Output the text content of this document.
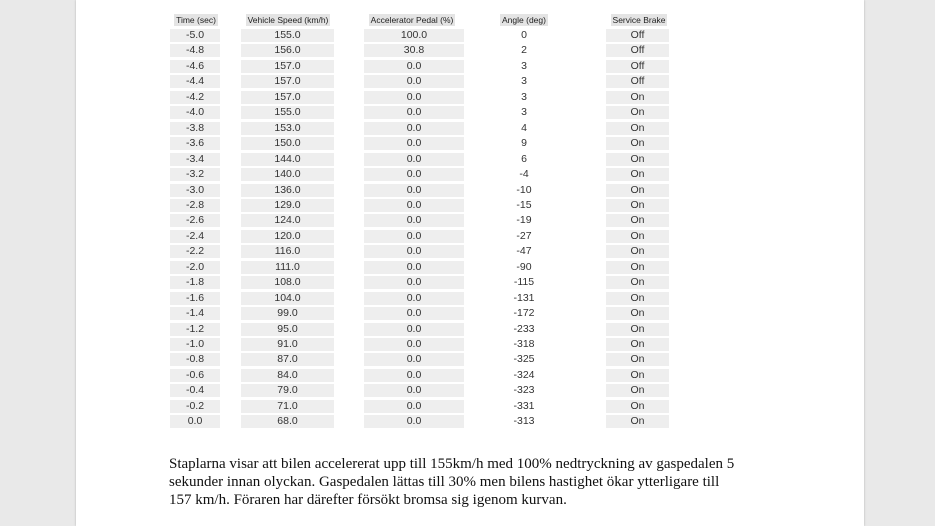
Time (sec)	Vehicle Speed (km/h)	Accelerator Pedal (%)	Angle (deg)	Service Brake
-5.0	155.0	100.0	0	Off
-4.8	156.0	30.8	2	Off
-4.6	157.0	0.0	3	Off
-4.4	157.0	0.0	3	Off
-4.2	157.0	0.0	3	On
-4.0	155.0	0.0	3	On
-3.8	153.0	0.0	4	On
-3.6	150.0	0.0	9	On
-3.4	144.0	0.0	6	On
-3.2	140.0	0.0	-4	On
-3.0	136.0	0.0	-10	On
-2.8	129.0	0.0	-15	On
-2.6	124.0	0.0	-19	On
-2.4	120.0	0.0	-27	On
-2.2	116.0	0.0	-47	On
-2.0	111.0	0.0	-90	On
-1.8	108.0	0.0	-115	On
-1.6	104.0	0.0	-131	On
-1.4	99.0	0.0	-172	On
-1.2	95.0	0.0	-233	On
-1.0	91.0	0.0	-318	On
-0.8	87.0	0.0	-325	On
-0.6	84.0	0.0	-324	On
-0.4	79.0	0.0	-323	On
-0.2	71.0	0.0	-331	On
0.0	68.0	0.0	-313	On

Staplarna visar att bilen accelererat upp till 155km/h med 100% nedtryckning av gaspedalen 5

sekunder innan olyckan. Gaspedalen lättas till 30% men bilens hastighet ökar ytterligare till

157 km/h. Föraren har därefter försökt bromsa sig igenom kurvan.
